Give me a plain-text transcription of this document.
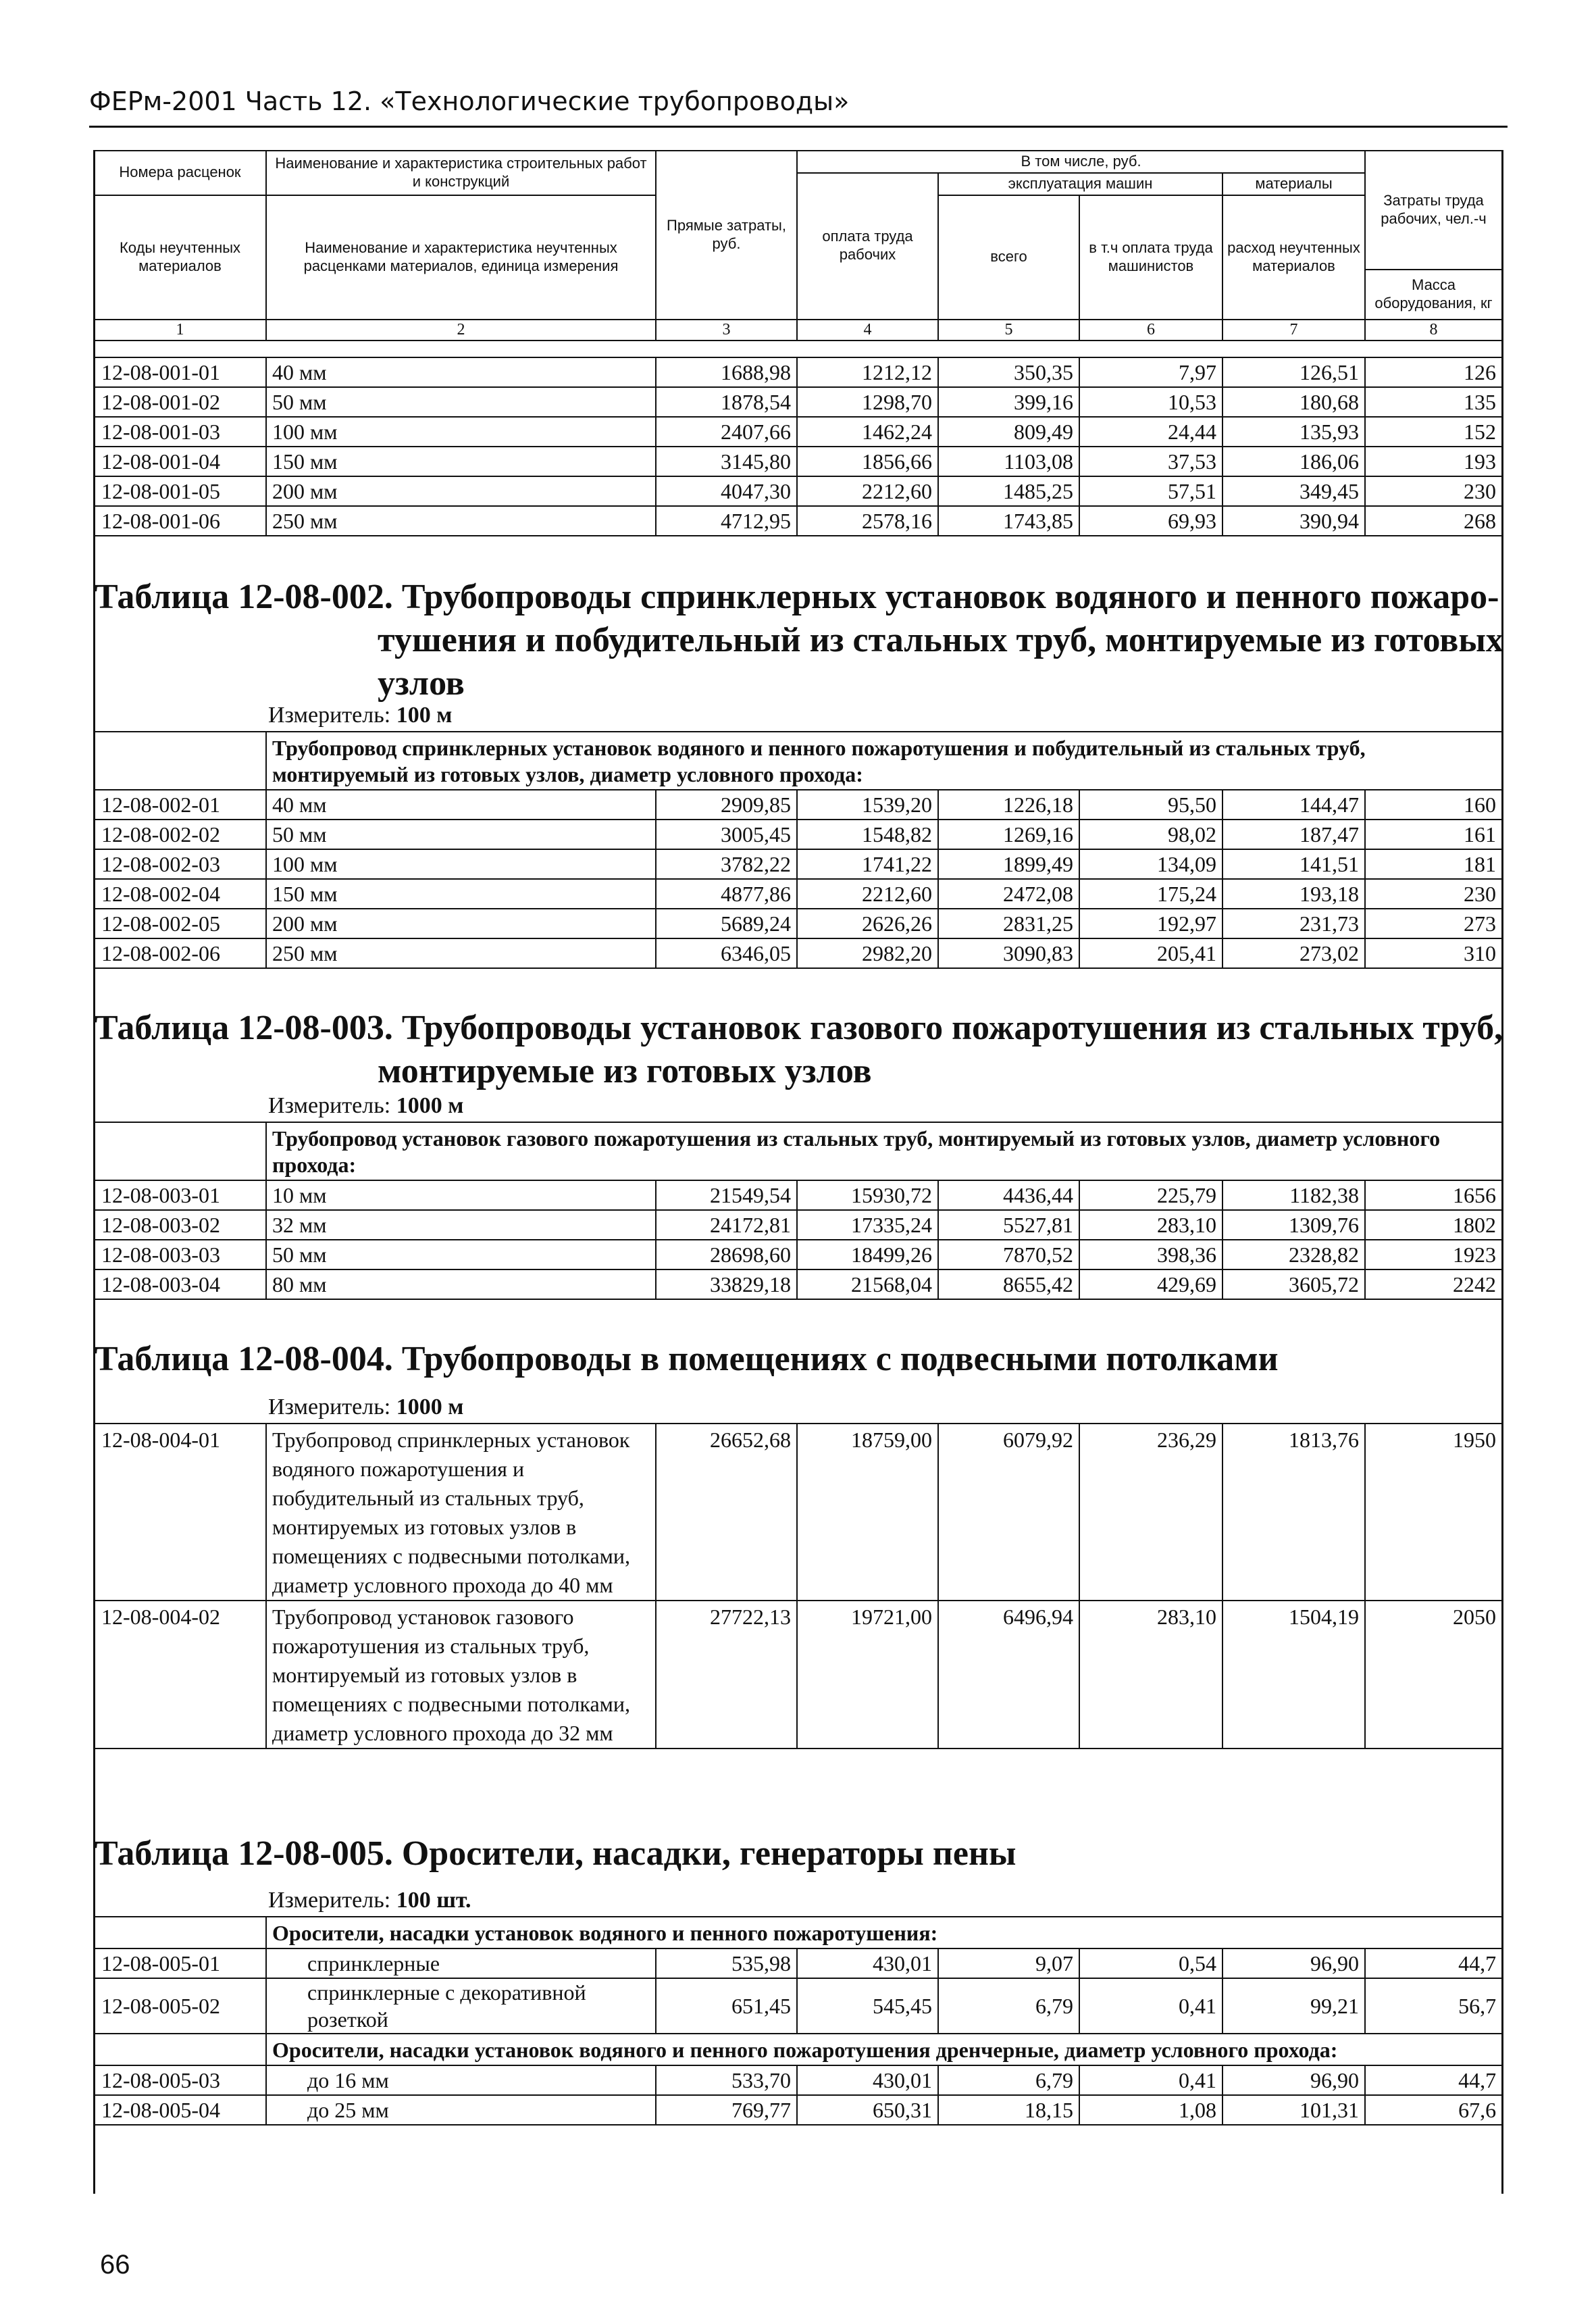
ФЕРм-2001 Часть 12. «Технологические трубопроводы»
Номера расценок	Наименование и характеристика строительных работ и конструкций	Прямые затраты, руб.	В том числе, руб.				Затраты труда рабочих, чел.-ч
			оплата труда рабочих	эксплуатация машин		материалы	
Коды неучтенных материалов	Наименование и характеристика неучтенных расценками материалов, единица измерения			всего	в т.ч оплата труда машинистов	расход неучтенных материалов	

							Масса оборудования, кг
1	2	3	4	5	6	7	8
12-08-001-01	40 мм	1688,98	1212,12	350,35	7,97	126,51	126
12-08-001-02	50 мм	1878,54	1298,70	399,16	10,53	180,68	135
12-08-001-03	100 мм	2407,66	1462,24	809,49	24,44	135,93	152
12-08-001-04	150 мм	3145,80	1856,66	1103,08	37,53	186,06	193
12-08-001-05	200 мм	4047,30	2212,60	1485,25	57,51	349,45	230
12-08-001-06	250 мм	4712,95	2578,16	1743,85	69,93	390,94	268
Таблица 12-08-002. Трубопроводы спринклерных установок водяного и пенного пожаро-
тушения и побудительный из стальных труб, монтируемые из готовых
узлов
Измеритель: 100 м
	Трубопровод спринклерных установок водяного и пенного пожаротушения и побудительный из стальных труб, монтируемый из готовых узлов, диаметр условного прохода:						
12-08-002-01	40 мм	2909,85	1539,20	1226,18	95,50	144,47	160
12-08-002-02	50 мм	3005,45	1548,82	1269,16	98,02	187,47	161
12-08-002-03	100 мм	3782,22	1741,22	1899,49	134,09	141,51	181
12-08-002-04	150 мм	4877,86	2212,60	2472,08	175,24	193,18	230
12-08-002-05	200 мм	5689,24	2626,26	2831,25	192,97	231,73	273
12-08-002-06	250 мм	6346,05	2982,20	3090,83	205,41	273,02	310
Таблица 12-08-003. Трубопроводы установок газового пожаротушения из стальных труб,
монтируемые из готовых узлов
Измеритель: 1000 м
	Трубопровод установок газового пожаротушения из стальных труб, монтируемый из готовых узлов, диаметр условного прохода:						
12-08-003-01	10 мм	21549,54	15930,72	4436,44	225,79	1182,38	1656
12-08-003-02	32 мм	24172,81	17335,24	5527,81	283,10	1309,76	1802
12-08-003-03	50 мм	28698,60	18499,26	7870,52	398,36	2328,82	1923
12-08-003-04	80 мм	33829,18	21568,04	8655,42	429,69	3605,72	2242
Таблица 12-08-004. Трубопроводы в помещениях с подвесными потолками
Измеритель: 1000 м
12-08-004-01	Трубопровод спринклерных установок водяного пожаротушения и побудительный из стальных труб, монтируемых из готовых узлов в помещениях с подвесными потолками, диаметр условного прохода до 40 мм	26652,68	18759,00	6079,92	236,29	1813,76	1950
12-08-004-02	Трубопровод установок газового пожаротушения из стальных труб, монтируемый из готовых узлов в помещениях с подвесными потолками, диаметр условного прохода до 32 мм	27722,13	19721,00	6496,94	283,10	1504,19	2050
Таблица 12-08-005. Оросители, насадки, генераторы пены
Измеритель: 100 шт.
	Оросители, насадки установок водяного и пенного пожаротушения:						
12-08-005-01	спринклерные	535,98	430,01	9,07	0,54	96,90	44,7
12-08-005-02	спринклерные с декоративной розеткой	651,45	545,45	6,79	0,41	99,21	56,7
	Оросители, насадки установок водяного и пенного пожаротушения дренчерные, диаметр условного прохода:						
12-08-005-03	до 16 мм	533,70	430,01	6,79	0,41	96,90	44,7
12-08-005-04	до 25 мм	769,77	650,31	18,15	1,08	101,31	67,6
66
